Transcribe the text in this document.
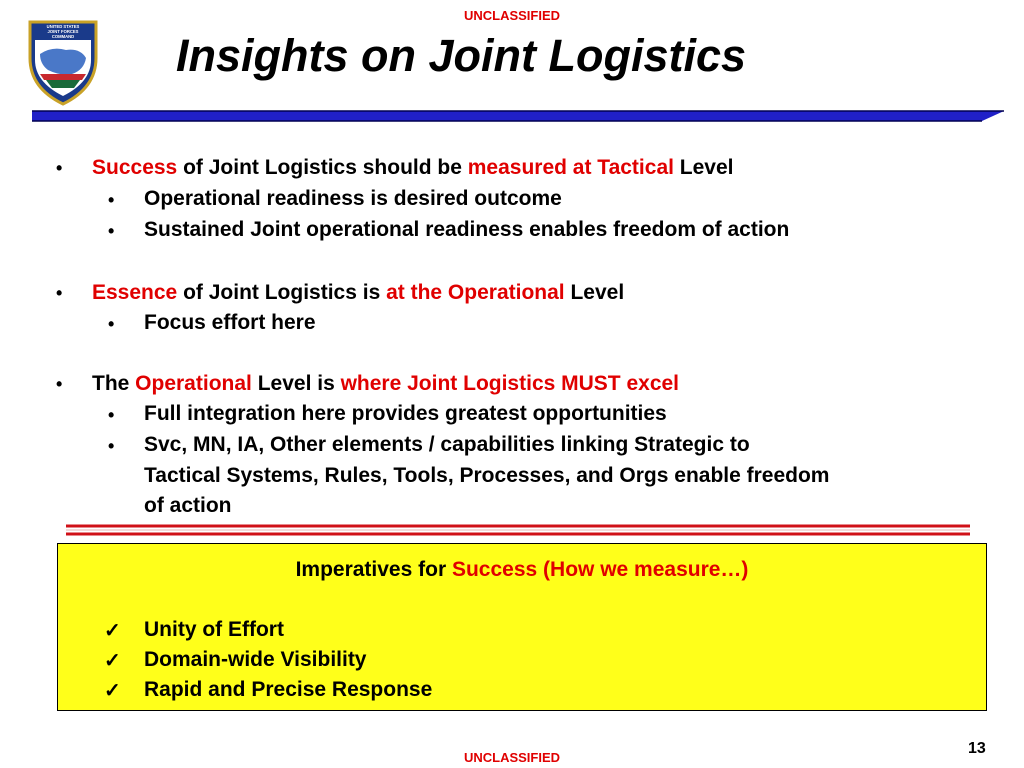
UNCLASSIFIED
UNITED STATES
JOINT FORCES
COMMAND Insights on Joint Logistics
• Success of Joint Logistics should be measured at Tactical Level
• Operational readiness is desired outcome
• Sustained Joint operational readiness enables freedom of action
• Essence of Joint Logistics is at the Operational Level
• Focus effort here
• The Operational Level is where Joint Logistics MUST excel
• Full integration here provides greatest opportunities
• Svc, MN, IA, Other elements / capabilities linking Strategic to
Tactical Systems, Rules, Tools, Processes, and Orgs enable freedom
of action
Imperatives for Success (How we measure…)
✓ Unity of Effort
✓ Domain-wide Visibility
✓ Rapid and Precise Response
13
UNCLASSIFIED
